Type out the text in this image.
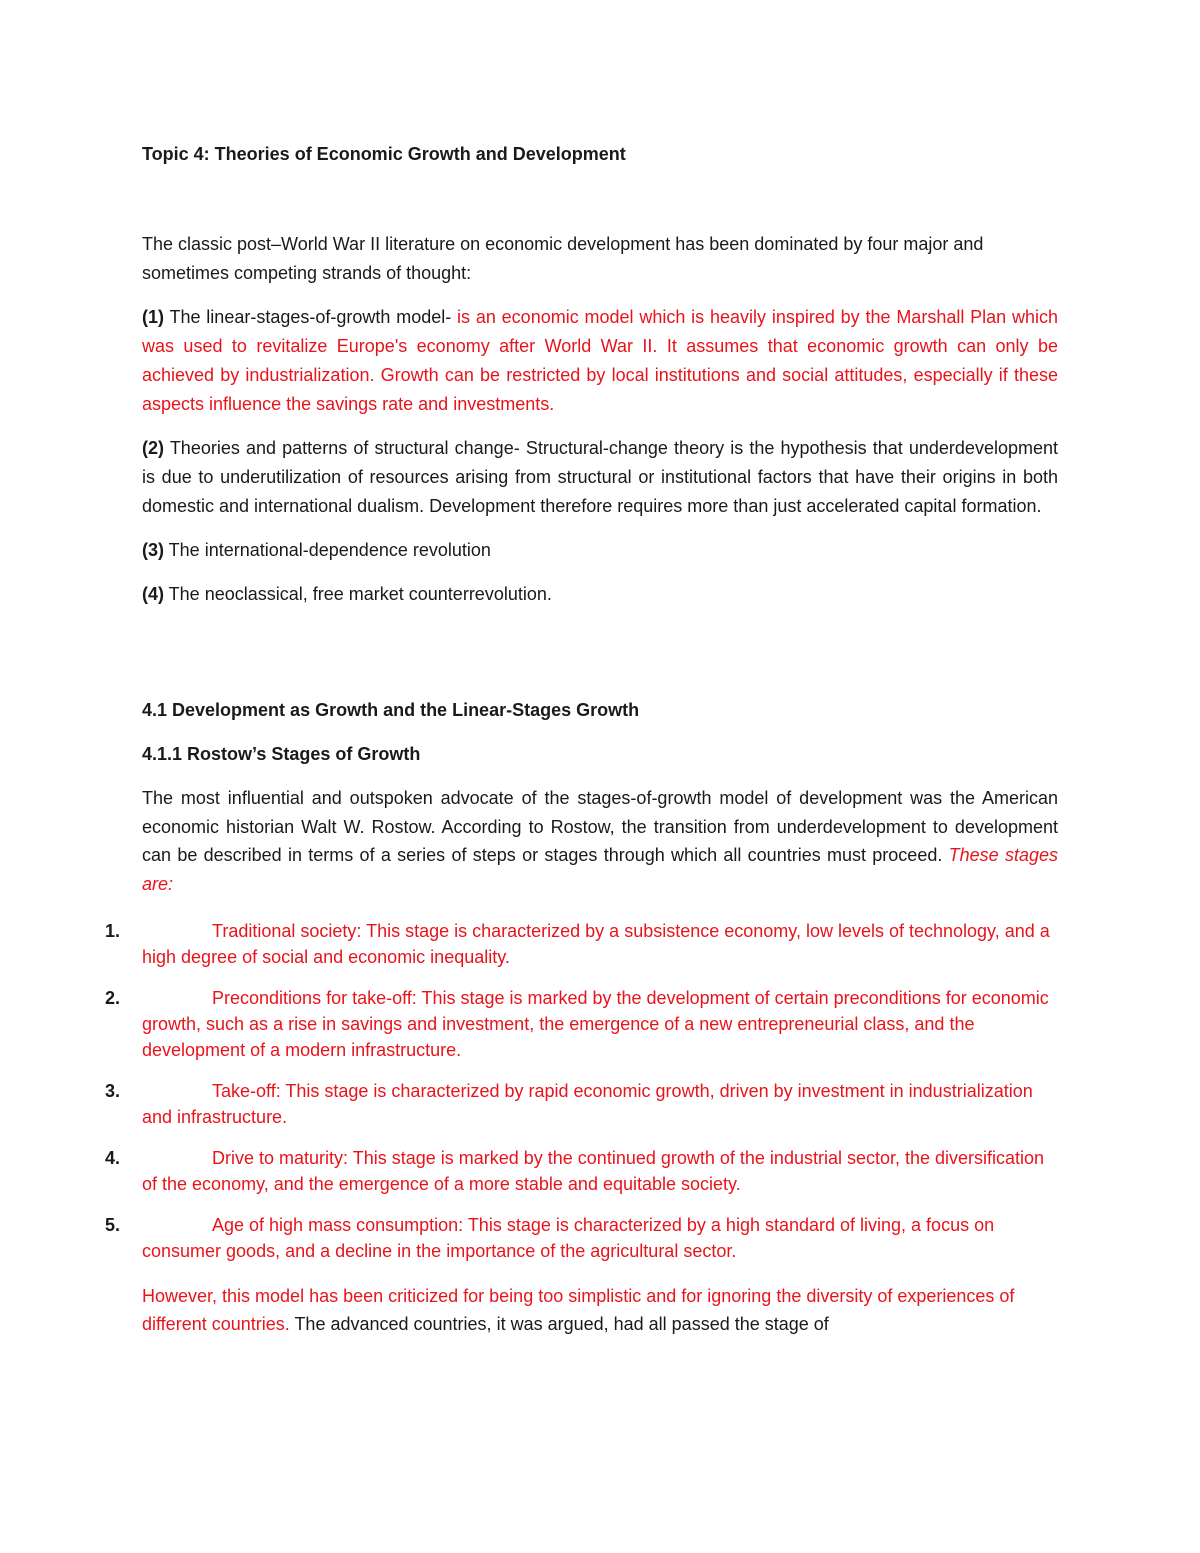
Topic 4: Theories of Economic Growth and Development

The classic post–World War II literature on economic development has been dominated by four major and sometimes competing strands of thought:

(1) The linear-stages-of-growth model- is an economic model which is heavily inspired by the Marshall Plan which was used to revitalize Europe's economy after World War II. It assumes that economic growth can only be achieved by industrialization. Growth can be restricted by local institutions and social attitudes, especially if these aspects influence the savings rate and investments.

(2) Theories and patterns of structural change- Structural-change theory is the hypothesis that underdevelopment is due to underutilization of resources arising from structural or institutional factors that have their origins in both domestic and international dualism. Development therefore requires more than just accelerated capital formation.

(3) The international-dependence revolution

(4) The neoclassical, free market counterrevolution.

4.1 Development as Growth and the Linear-Stages Growth

4.1.1 Rostow’s Stages of Growth

The most influential and outspoken advocate of the stages-of-growth model of development was the American economic historian Walt W. Rostow. According to Rostow, the transition from underdevelopment to development can be described in terms of a series of steps or stages through which all countries must proceed. These stages are:

1.	Traditional society: This stage is characterized by a subsistence economy, low levels of technology, and a high degree of social and economic inequality.
2.	Preconditions for take-off: This stage is marked by the development of certain preconditions for economic growth, such as a rise in savings and investment, the emergence of a new entrepreneurial class, and the development of a modern infrastructure.
3.	Take-off: This stage is characterized by rapid economic growth, driven by investment in industrialization and infrastructure.
4.	Drive to maturity: This stage is marked by the continued growth of the industrial sector, the diversification of the economy, and the emergence of a more stable and equitable society.
5.	Age of high mass consumption: This stage is characterized by a high standard of living, a focus on consumer goods, and a decline in the importance of the agricultural sector.

However, this model has been criticized for being too simplistic and for ignoring the diversity of experiences of different countries. The advanced countries, it was argued, had all passed the stage of
